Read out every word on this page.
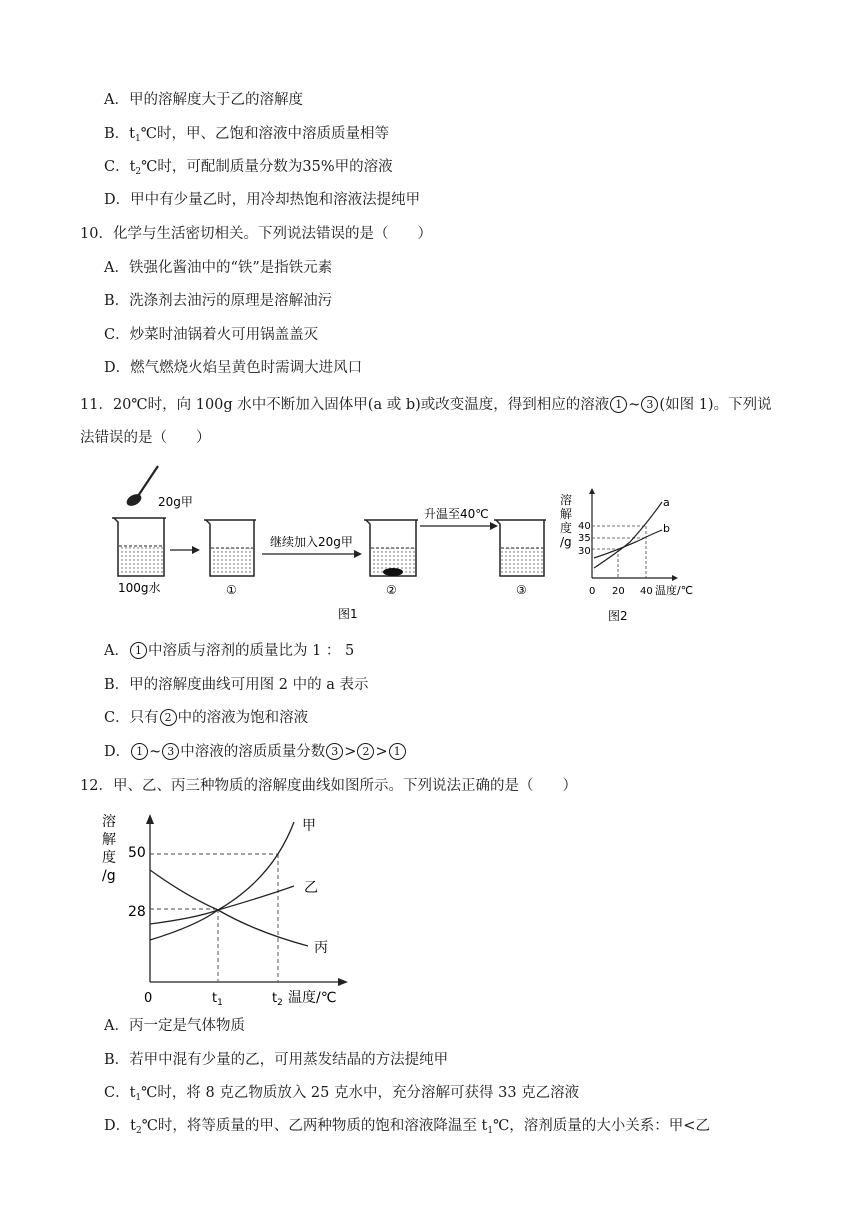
A．甲的溶解度大于乙的溶解度
B．$t_1℃$时，甲、乙饱和溶液中溶质质量相等
C．$t_2℃$时，可配制质量分数为35%甲的溶液
D．甲中有少量乙时，用冷却热饱和溶液法提纯甲
10．化学与生活密切相关。下列说法错误的是（　　）
A．铁强化酱油中的“铁”是指铁元素
B．洗涤剂去油污的原理是溶解油污
C．炒菜时油锅着火可用锅盖盖灭
D．燃气燃烧火焰呈黄色时需调大进风口
11．20℃时，向 100g 水中不断加入固体甲(a 或 b)或改变温度，得到相应的溶液 1 ~ 3 (如图 1)。下列说
法错误的是（　　）
20g甲
100g水	①
继续加入20g甲
②
升温至40℃
③
图1
溶
解
度
/g
40
35
30
a
b
0 20 40 温度/℃
图2
A． 1 中溶质与溶剂的质量比为 1 ： 5
B．甲的溶解度曲线可用图 2 中的 a 表示
C．只有 2 中的溶液为饱和溶液
D． 1 ~ 3 中溶液的溶质质量分数 3 > 2 > 1
12．甲、乙、丙三种物质的溶解度曲线如图所示。下列说法正确的是（　　）
溶
解
度
/g
50
28
甲
乙
丙
0	$t_1$	$t_2$ 温度/℃
A．丙一定是气体物质
B．若甲中混有少量的乙，可用蒸发结晶的方法提纯甲
C．$t_1℃$时，将 8 克乙物质放入 25 克水中，充分溶解可获得 33 克乙溶液
D．$t_2℃$时，将等质量的甲、乙两种物质的饱和溶液降温至 $t_1℃$，溶剂质量的大小关系：甲<乙
